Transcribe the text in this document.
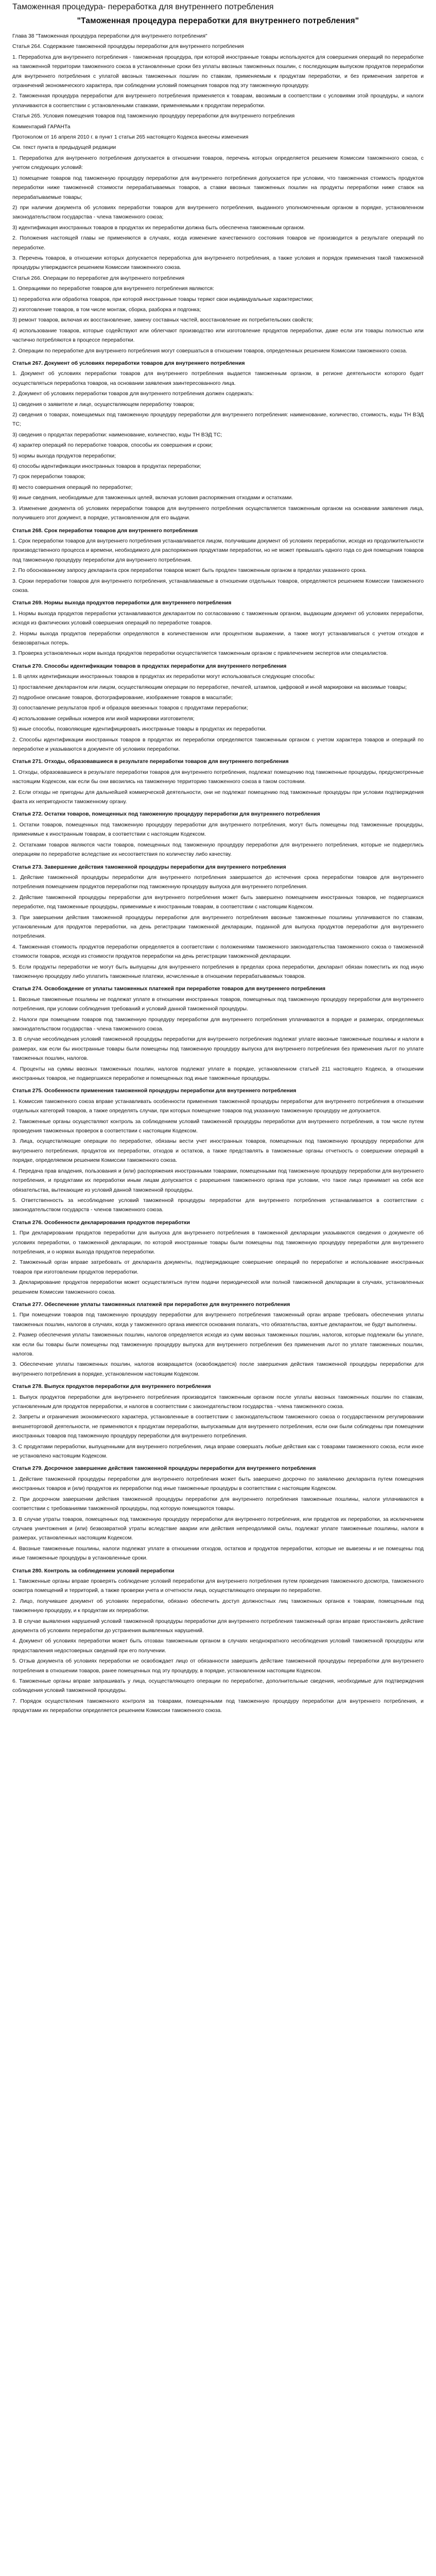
Таможенная процедура- переработка для внутреннего потребления
"Таможенная процедура переработки для внутреннего потребления"

Глава 38 "Таможенная процедура переработки для внутреннего потребления"

Статья 264. Содержание таможенной процедуры переработки для внутреннего потребления

1. Переработка для внутреннего потребления - таможенная процедура, при которой иностранные товары используются для совершения операций по переработке на таможенной территории таможенного союза в установленные сроки без уплаты ввозных таможенных пошлин, с последующим выпуском продуктов переработки для внутреннего потребления с уплатой ввозных таможенных пошлин по ставкам, применяемым к продуктам переработки, и без применения запретов и ограничений экономического характера, при соблюдении условий помещения товаров под эту таможенную процедуру.

2. Таможенная процедура переработки для внутреннего потребления применяется к товарам, ввозимым в соответствии с условиями этой процедуры, и налоги уплачиваются в соответствии с установленными ставками, применяемыми к продуктам переработки.

Статья 265. Условия помещения товаров под таможенную процедуру переработки для внутреннего потребления

Комментарий ГАРАНТа

Протоколом от 16 апреля 2010 г. в пункт 1 статьи 265 настоящего Кодекса внесены изменения

См. текст пункта в предыдущей редакции

1. Переработка для внутреннего потребления допускается в отношении товаров, перечень которых определяется решением Комиссии таможенного союза, с учетом следующих условий:

1) помещение товаров под таможенную процедуру переработки для внутреннего потребления допускается при условии, что таможенная стоимость продуктов переработки ниже таможенной стоимости перерабатываемых товаров, а ставки ввозных таможенных пошлин на продукты переработки ниже ставок на перерабатываемые товары;

2) при наличии документа об условиях переработки товаров для внутреннего потребления, выданного уполномоченным органом в порядке, установленном законодательством государства - члена таможенного союза;

3) идентификация иностранных товаров в продуктах их переработки должна быть обеспечена таможенным органом.

2. Положения настоящей главы не применяются в случаях, когда изменение качественного состояния товаров не производится в результате операций по переработке.

3. Перечень товаров, в отношении которых допускается переработка для внутреннего потребления, а также условия и порядок применения такой таможенной процедуры утверждаются решением Комиссии таможенного союза.

Статья 266. Операции по переработке для внутреннего потребления

1. Операциями по переработке товаров для внутреннего потребления являются:

1) переработка или обработка товаров, при которой иностранные товары теряют свои индивидуальные характеристики;

2) изготовление товаров, в том числе монтаж, сборка, разборка и подгонка;

3) ремонт товаров, включая их восстановление, замену составных частей, восстановление их потребительских свойств;

4) использование товаров, которые содействуют или облегчают производство или изготовление продуктов переработки, даже если эти товары полностью или частично потребляются в процессе переработки.

2. Операции по переработке для внутреннего потребления могут совершаться в отношении товаров, определенных решением Комиссии таможенного союза.

Статья 267. Документ об условиях переработки товаров для внутреннего потребления

1. Документ об условиях переработки товаров для внутреннего потребления выдается таможенным органом, в регионе деятельности которого будет осуществляться переработка товаров, на основании заявления заинтересованного лица.

2. Документ об условиях переработки товаров для внутреннего потребления должен содержать:

1) сведения о заявителе и лице, осуществляющем переработку товаров;

2) сведения о товарах, помещаемых под таможенную процедуру переработки для внутреннего потребления: наименование, количество, стоимость, коды ТН ВЭД ТС;

3) сведения о продуктах переработки: наименование, количество, коды ТН ВЭД ТС;

4) характер операций по переработке товаров, способы их совершения и сроки;

5) нормы выхода продуктов переработки;

6) способы идентификации иностранных товаров в продуктах переработки;

7) срок переработки товаров;

8) место совершения операций по переработке;

9) иные сведения, необходимые для таможенных целей, включая условия распоряжения отходами и остатками.

3. Изменение документа об условиях переработки товаров для внутреннего потребления осуществляется таможенным органом на основании заявления лица, получившего этот документ, в порядке, установленном для его выдачи.

Статья 268. Срок переработки товаров для внутреннего потребления

1. Срок переработки товаров для внутреннего потребления устанавливается лицом, получившим документ об условиях переработки, исходя из продолжительности производственного процесса и времени, необходимого для распоряжения продуктами переработки, но не может превышать одного года со дня помещения товаров под таможенную процедуру переработки для внутреннего потребления.

2. По обоснованному запросу декларанта срок переработки товаров может быть продлен таможенным органом в пределах указанного срока.

3. Сроки переработки товаров для внутреннего потребления, устанавливаемые в отношении отдельных товаров, определяются решением Комиссии таможенного союза.

Статья 269. Нормы выхода продуктов переработки для внутреннего потребления

1. Нормы выхода продуктов переработки устанавливаются декларантом по согласованию с таможенным органом, выдающим документ об условиях переработки, исходя из фактических условий совершения операций по переработке товаров.

2. Нормы выхода продуктов переработки определяются в количественном или процентном выражении, а также могут устанавливаться с учетом отходов и безвозвратных потерь.

3. Проверка установленных норм выхода продуктов переработки осуществляется таможенным органом с привлечением экспертов или специалистов.

Статья 270. Способы идентификации товаров в продуктах переработки для внутреннего потребления

1. В целях идентификации иностранных товаров в продуктах их переработки могут использоваться следующие способы:

1) проставление декларантом или лицом, осуществляющим операции по переработке, печатей, штампов, цифровой и иной маркировки на ввозимые товары;

2) подробное описание товаров, фотографирование, изображение товаров в масштабе;

3) сопоставление результатов проб и образцов ввезенных товаров с продуктами переработки;

4) использование серийных номеров или иной маркировки изготовителя;

5) иные способы, позволяющие идентифицировать иностранные товары в продуктах их переработки.

2. Способы идентификации иностранных товаров в продуктах их переработки определяются таможенным органом с учетом характера товаров и операций по переработке и указываются в документе об условиях переработки.

Статья 271. Отходы, образовавшиеся в результате переработки товаров для внутреннего потребления

1. Отходы, образовавшиеся в результате переработки товаров для внутреннего потребления, подлежат помещению под таможенные процедуры, предусмотренные настоящим Кодексом, как если бы они ввозились на таможенную территорию таможенного союза в таком состоянии.

2. Если отходы не пригодны для дальнейшей коммерческой деятельности, они не подлежат помещению под таможенные процедуры при условии подтверждения факта их непригодности таможенному органу.

Статья 272. Остатки товаров, помещенных под таможенную процедуру переработки для внутреннего потребления

1. Остатки товаров, помещенных под таможенную процедуру переработки для внутреннего потребления, могут быть помещены под таможенные процедуры, применимые к иностранным товарам, в соответствии с настоящим Кодексом.

2. Остатками товаров являются части товаров, помещенных под таможенную процедуру переработки для внутреннего потребления, которые не подверглись операциям по переработке вследствие их несоответствия по количеству либо качеству.

Статья 273. Завершение действия таможенной процедуры переработки для внутреннего потребления

1. Действие таможенной процедуры переработки для внутреннего потребления завершается до истечения срока переработки товаров для внутреннего потребления помещением продуктов переработки под таможенную процедуру выпуска для внутреннего потребления.

2. Действие таможенной процедуры переработки для внутреннего потребления может быть завершено помещением иностранных товаров, не подвергшихся переработке, под таможенные процедуры, применимые к иностранным товарам, в соответствии с настоящим Кодексом.

3. При завершении действия таможенной процедуры переработки для внутреннего потребления ввозные таможенные пошлины уплачиваются по ставкам, установленным для продуктов переработки, на день регистрации таможенной декларации, поданной для выпуска продуктов переработки для внутреннего потребления.

4. Таможенная стоимость продуктов переработки определяется в соответствии с положениями таможенного законодательства таможенного союза о таможенной стоимости товаров, исходя из стоимости продуктов переработки на день регистрации таможенной декларации.

5. Если продукты переработки не могут быть выпущены для внутреннего потребления в пределах срока переработки, декларант обязан поместить их под иную таможенную процедуру либо уплатить таможенные платежи, исчисленные в отношении перерабатываемых товаров.

Статья 274. Освобождение от уплаты таможенных платежей при переработке товаров для внутреннего потребления

1. Ввозные таможенные пошлины не подлежат уплате в отношении иностранных товаров, помещенных под таможенную процедуру переработки для внутреннего потребления, при условии соблюдения требований и условий данной таможенной процедуры.

2. Налоги при помещении товаров под таможенную процедуру переработки для внутреннего потребления уплачиваются в порядке и размерах, определяемых законодательством государства - члена таможенного союза.

3. В случае несоблюдения условий таможенной процедуры переработки для внутреннего потребления подлежат уплате ввозные таможенные пошлины и налоги в размерах, как если бы иностранные товары были помещены под таможенную процедуру выпуска для внутреннего потребления без применения льгот по уплате таможенных пошлин, налогов.

4. Проценты на суммы ввозных таможенных пошлин, налогов подлежат уплате в порядке, установленном статьей 211 настоящего Кодекса, в отношении иностранных товаров, не подвергшихся переработке и помещенных под иные таможенные процедуры.

Статья 275. Особенности применения таможенной процедуры переработки для внутреннего потребления

1. Комиссия таможенного союза вправе устанавливать особенности применения таможенной процедуры переработки для внутреннего потребления в отношении отдельных категорий товаров, а также определять случаи, при которых помещение товаров под указанную таможенную процедуру не допускается.

2. Таможенные органы осуществляют контроль за соблюдением условий таможенной процедуры переработки для внутреннего потребления, в том числе путем проведения таможенных проверок в соответствии с настоящим Кодексом.

3. Лица, осуществляющие операции по переработке, обязаны вести учет иностранных товаров, помещенных под таможенную процедуру переработки для внутреннего потребления, продуктов их переработки, отходов и остатков, а также представлять в таможенные органы отчетность о совершении операций в порядке, определяемом решением Комиссии таможенного союза.

4. Передача прав владения, пользования и (или) распоряжения иностранными товарами, помещенными под таможенную процедуру переработки для внутреннего потребления, и продуктами их переработки иным лицам допускается с разрешения таможенного органа при условии, что такое лицо принимает на себя все обязательства, вытекающие из условий данной таможенной процедуры.

5. Ответственность за несоблюдение условий таможенной процедуры переработки для внутреннего потребления устанавливается в соответствии с законодательством государств - членов таможенного союза.

Статья 276. Особенности декларирования продуктов переработки

1. При декларировании продуктов переработки для выпуска для внутреннего потребления в таможенной декларации указываются сведения о документе об условиях переработки, о таможенной декларации, по которой иностранные товары были помещены под таможенную процедуру переработки для внутреннего потребления, и о нормах выхода продуктов переработки.

2. Таможенный орган вправе затребовать от декларанта документы, подтверждающие совершение операций по переработке и использование иностранных товаров при изготовлении продуктов переработки.

3. Декларирование продуктов переработки может осуществляться путем подачи периодической или полной таможенной декларации в случаях, установленных решением Комиссии таможенного союза.

Статья 277. Обеспечение уплаты таможенных платежей при переработке для внутреннего потребления

1. При помещении товаров под таможенную процедуру переработки для внутреннего потребления таможенный орган вправе требовать обеспечения уплаты таможенных пошлин, налогов в случаях, когда у таможенного органа имеются основания полагать, что обязательства, взятые декларантом, не будут выполнены.

2. Размер обеспечения уплаты таможенных пошлин, налогов определяется исходя из сумм ввозных таможенных пошлин, налогов, которые подлежали бы уплате, как если бы товары были помещены под таможенную процедуру выпуска для внутреннего потребления без применения льгот по уплате таможенных пошлин, налогов.

3. Обеспечение уплаты таможенных пошлин, налогов возвращается (освобождается) после завершения действия таможенной процедуры переработки для внутреннего потребления в порядке, установленном настоящим Кодексом.

Статья 278. Выпуск продуктов переработки для внутреннего потребления

1. Выпуск продуктов переработки для внутреннего потребления производится таможенным органом после уплаты ввозных таможенных пошлин по ставкам, установленным для продуктов переработки, и налогов в соответствии с законодательством государства - члена таможенного союза.

2. Запреты и ограничения экономического характера, установленные в соответствии с законодательством таможенного союза о государственном регулировании внешнеторговой деятельности, не применяются к продуктам переработки, выпускаемым для внутреннего потребления, если они были соблюдены при помещении иностранных товаров под таможенную процедуру переработки для внутреннего потребления.

3. С продуктами переработки, выпущенными для внутреннего потребления, лица вправе совершать любые действия как с товарами таможенного союза, если иное не установлено настоящим Кодексом.

Статья 279. Досрочное завершение действия таможенной процедуры переработки для внутреннего потребления

1. Действие таможенной процедуры переработки для внутреннего потребления может быть завершено досрочно по заявлению декларанта путем помещения иностранных товаров и (или) продуктов их переработки под иные таможенные процедуры в соответствии с настоящим Кодексом.

2. При досрочном завершении действия таможенной процедуры переработки для внутреннего потребления таможенные пошлины, налоги уплачиваются в соответствии с требованиями таможенной процедуры, под которую помещаются товары.

3. В случае утраты товаров, помещенных под таможенную процедуру переработки для внутреннего потребления, или продуктов их переработки, за исключением случаев уничтожения и (или) безвозвратной утраты вследствие аварии или действия непреодолимой силы, подлежат уплате таможенные пошлины, налоги в размерах, установленных настоящим Кодексом.

4. Ввозные таможенные пошлины, налоги подлежат уплате в отношении отходов, остатков и продуктов переработки, которые не вывезены и не помещены под иные таможенные процедуры в установленные сроки.

Статья 280. Контроль за соблюдением условий переработки

1. Таможенные органы вправе проверять соблюдение условий переработки для внутреннего потребления путем проведения таможенного досмотра, таможенного осмотра помещений и территорий, а также проверки учета и отчетности лица, осуществляющего операции по переработке.

2. Лицо, получившее документ об условиях переработки, обязано обеспечить доступ должностных лиц таможенных органов к товарам, помещенным под таможенную процедуру, и к продуктам их переработки.

3. В случае выявления нарушений условий таможенной процедуры переработки для внутреннего потребления таможенный орган вправе приостановить действие документа об условиях переработки до устранения выявленных нарушений.

4. Документ об условиях переработки может быть отозван таможенным органом в случаях неоднократного несоблюдения условий таможенной процедуры или предоставления недостоверных сведений при его получении.

5. Отзыв документа об условиях переработки не освобождает лицо от обязанности завершить действие таможенной процедуры переработки для внутреннего потребления в отношении товаров, ранее помещенных под эту процедуру, в порядке, установленном настоящим Кодексом.

6. Таможенные органы вправе запрашивать у лица, осуществляющего операции по переработке, дополнительные сведения, необходимые для подтверждения соблюдения условий таможенной процедуры.

7. Порядок осуществления таможенного контроля за товарами, помещенными под таможенную процедуру переработки для внутреннего потребления, и продуктами их переработки определяется решением Комиссии таможенного союза.
